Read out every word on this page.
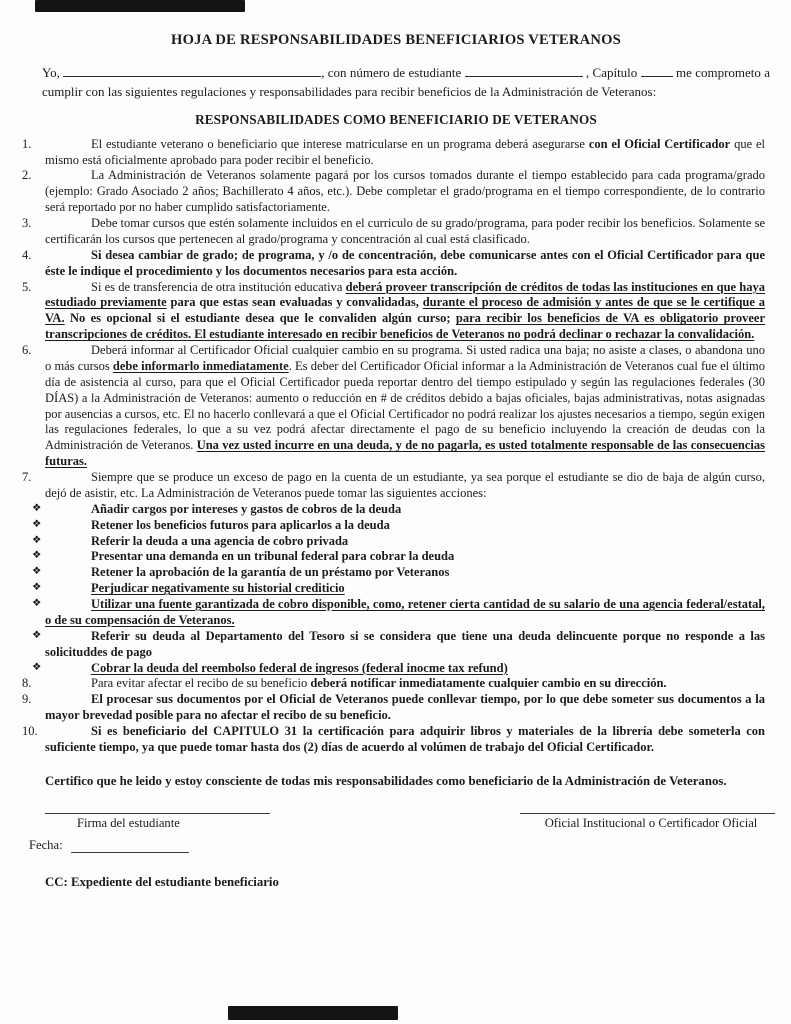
HOJA DE RESPONSABILIDADES BENEFICIARIOS VETERANOS

Yo,	, con número de estudiante	, Capítulo  me comprometo a cumplir con las siguientes regulaciones y responsabilidades para recibir beneficios de la Administración de Veteranos:

RESPONSABILIDADES COMO BENEFICIARIO DE VETERANOS
1.	El estudiante veterano o beneficiario que interese matricularse en un programa deberá asegurarse con el Oficial Certificador que el mismo está oficialmente aprobado para poder recibir el beneficio.
2.	La Administración de Veteranos solamente pagará por los cursos tomados durante el tiempo establecido para cada programa/grado (ejemplo: Grado Asociado 2 años; Bachillerato 4 años, etc.). Debe completar el grado/programa en el tiempo correspondiente, de lo contrario será reportado por no haber cumplido satisfactoriamente.
3.	Debe tomar cursos que estén solamente incluidos en el curriculo de su grado/programa, para poder recibir los beneficios. Solamente se certificarán los cursos que pertenecen al grado/programa y concentración al cual está clasificado.
4.	Si desea cambiar de grado; de programa, y /o de concentración, debe comunicarse antes con el Oficial Certificador para que éste le indique el procedimiento y los documentos necesarios para esta acción.
5.	Si es de transferencia de otra institución educativa deberá proveer transcripción de créditos de todas las instituciones en que haya estudiado previamente para que estas sean evaluadas y convalidadas, durante el proceso de admisión y antes de que se le certifique a VA. No es opcional si el estudiante desea que le convaliden algún curso; para recibir los beneficios de VA es obligatorio proveer transcripciones de créditos. El estudiante interesado en recibir beneficios de Veteranos no podrá declinar o rechazar la convalidación.
6.	Deberá informar al Certificador Oficial cualquier cambio en su programa. Si usted radica una baja; no asiste a clases, o abandona uno o más cursos debe informarlo inmediatamente. Es deber del Certificador Oficial informar a la Administración de Veteranos cual fue el último día de asistencia al curso, para que el Oficial Certificador pueda reportar dentro del tiempo estipulado y según las regulaciones federales (30 DÍAS) a la Administración de Veteranos: aumento o reducción en # de créditos debido a bajas oficiales, bajas administrativas, notas asignadas por ausencias a cursos, etc. El no hacerlo conllevará a que el Oficial Certificador no podrá realizar los ajustes necesarios a tiempo, según exigen las regulaciones federales, lo que a su vez podrá afectar directamente el pago de su beneficio incluyendo la creación de deudas con la Administración de Veteranos. Una vez usted incurre en una deuda, y de no pagarla, es usted totalmente responsable de las consecuencias futuras.
7.	Siempre que se produce un exceso de pago en la cuenta de un estudiante, ya sea porque el estudiante se dio de baja de algún curso, dejó de asistir, etc. La Administración de Veteranos puede tomar las siguientes acciones:
❖	Añadir cargos por intereses y gastos de cobros de la deuda
❖	Retener los beneficios futuros para aplicarlos a la deuda
❖	Referir la deuda a una agencia de cobro privada
❖	Presentar una demanda en un tribunal federal para cobrar la deuda
❖	Retener la aprobación de la garantía de un préstamo por Veteranos
❖	Perjudicar negativamente su historial crediticio
❖	Utilizar una fuente garantizada de cobro disponible, como, retener cierta cantidad de su salario de una agencia federal/estatal, o de su compensación de Veteranos.
❖	Referir su deuda al Departamento del Tesoro si se considera que tiene una deuda delincuente porque no responde a las solicituddes de pago
❖	Cobrar la deuda del reembolso federal de ingresos (federal inocme tax refund)
8.	Para evitar afectar el recibo de su beneficio deberá notificar inmediatamente cualquier cambio en su dirección.
9.	El procesar sus documentos por el Oficial de Veteranos puede conllevar tiempo, por lo que debe someter sus documentos a la mayor brevedad posible para no afectar el recibo de su beneficio.
10.	Si es beneficiario del CAPITULO 31 la certificación para adquirir libros y materiales de la librería debe someterla con suficiente tiempo, ya que puede tomar hasta dos (2) días de acuerdo al volúmen de trabajo del Oficial Certificador.

Certifico que he leido y estoy consciente de todas mis responsabilidades como beneficiario de la Administración de Veteranos.

Firma del estudiante
Fecha:
Oficial Institucional o Certificador Oficial

CC: Expediente del estudiante beneficiario
